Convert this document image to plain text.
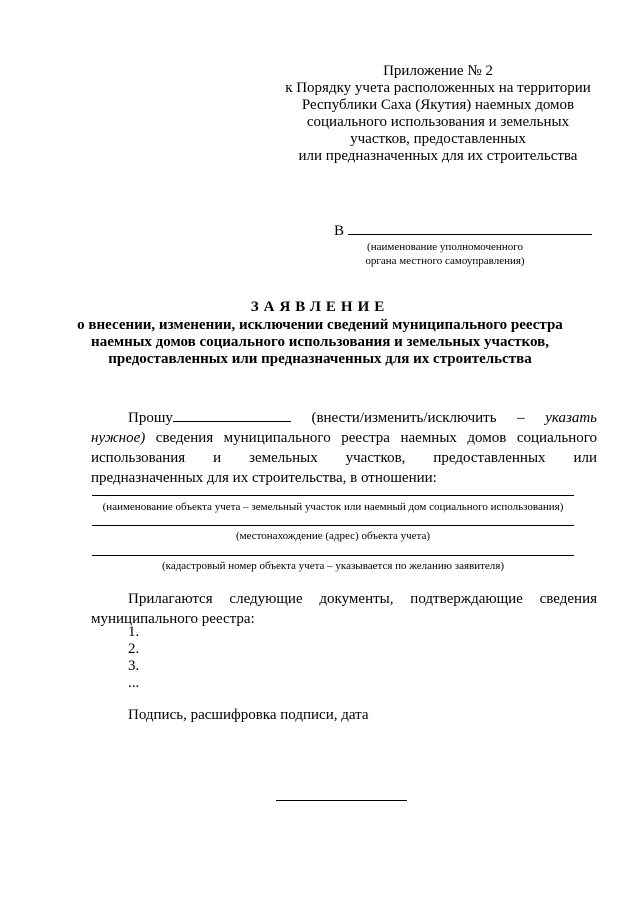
Приложение № 2
к Порядку учета расположенных на территории
Республики Саха (Якутия) наемных домов
социального использования и земельных
участков, предоставленных
или предназначенных для их строительства
В
(наименование уполномоченного
органа местного самоуправления)
ЗАЯВЛЕНИЕ
о внесении, изменении, исключении сведений муниципального реестра
наемных домов социального использования и земельных участков,
предоставленных или предназначенных для их строительства
Прошу	(внести/изменить/исключить – указать
нужное) сведения муниципального реестра наемных домов социального
использования и земельных участков, предоставленных или
предназначенных для их строительства, в отношении:
(наименование объекта учета – земельный участок или наемный дом социального использования)
(местонахождение (адрес) объекта учета)
(кадастровый номер объекта учета – указывается по желанию заявителя)
Прилагаются следующие документы, подтверждающие сведения
муниципального реестра:
1.
2.
3.
...
Подпись, расшифровка подписи, дата
